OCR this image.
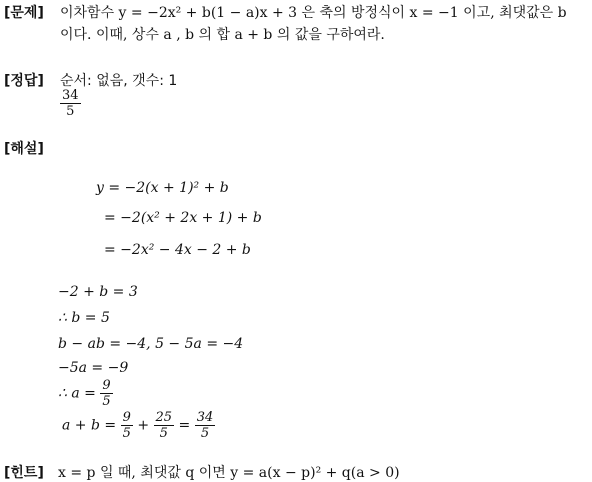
[문제] 이차함수 y = −2x² + b(1 − a)x + 3 은 축의 방정식이 x = −1 이고, 최댓값은 b
이다. 이때, 상수 a , b 의 합 a + b 의 값을 구하여라.
[정답] 순서: 없음, 갯수: 1
$\frac{34}{5}$
[해설]
y = −2(x + 1)² + b
= −2(x² + 2x + 1) + b
= −2x² − 4x − 2 + b
−2 + b = 3
∴ b = 5
b − ab = −4, 5 − 5a = −4
−5a = −9
∴ $a = \frac{9}{5}$
$a + b = \frac{9}{5} + \frac{25}{5} = \frac{34}{5}$
[힌트] x = p 일 때, 최댓값 q 이면 y = a(x − p)² + q(a > 0)
